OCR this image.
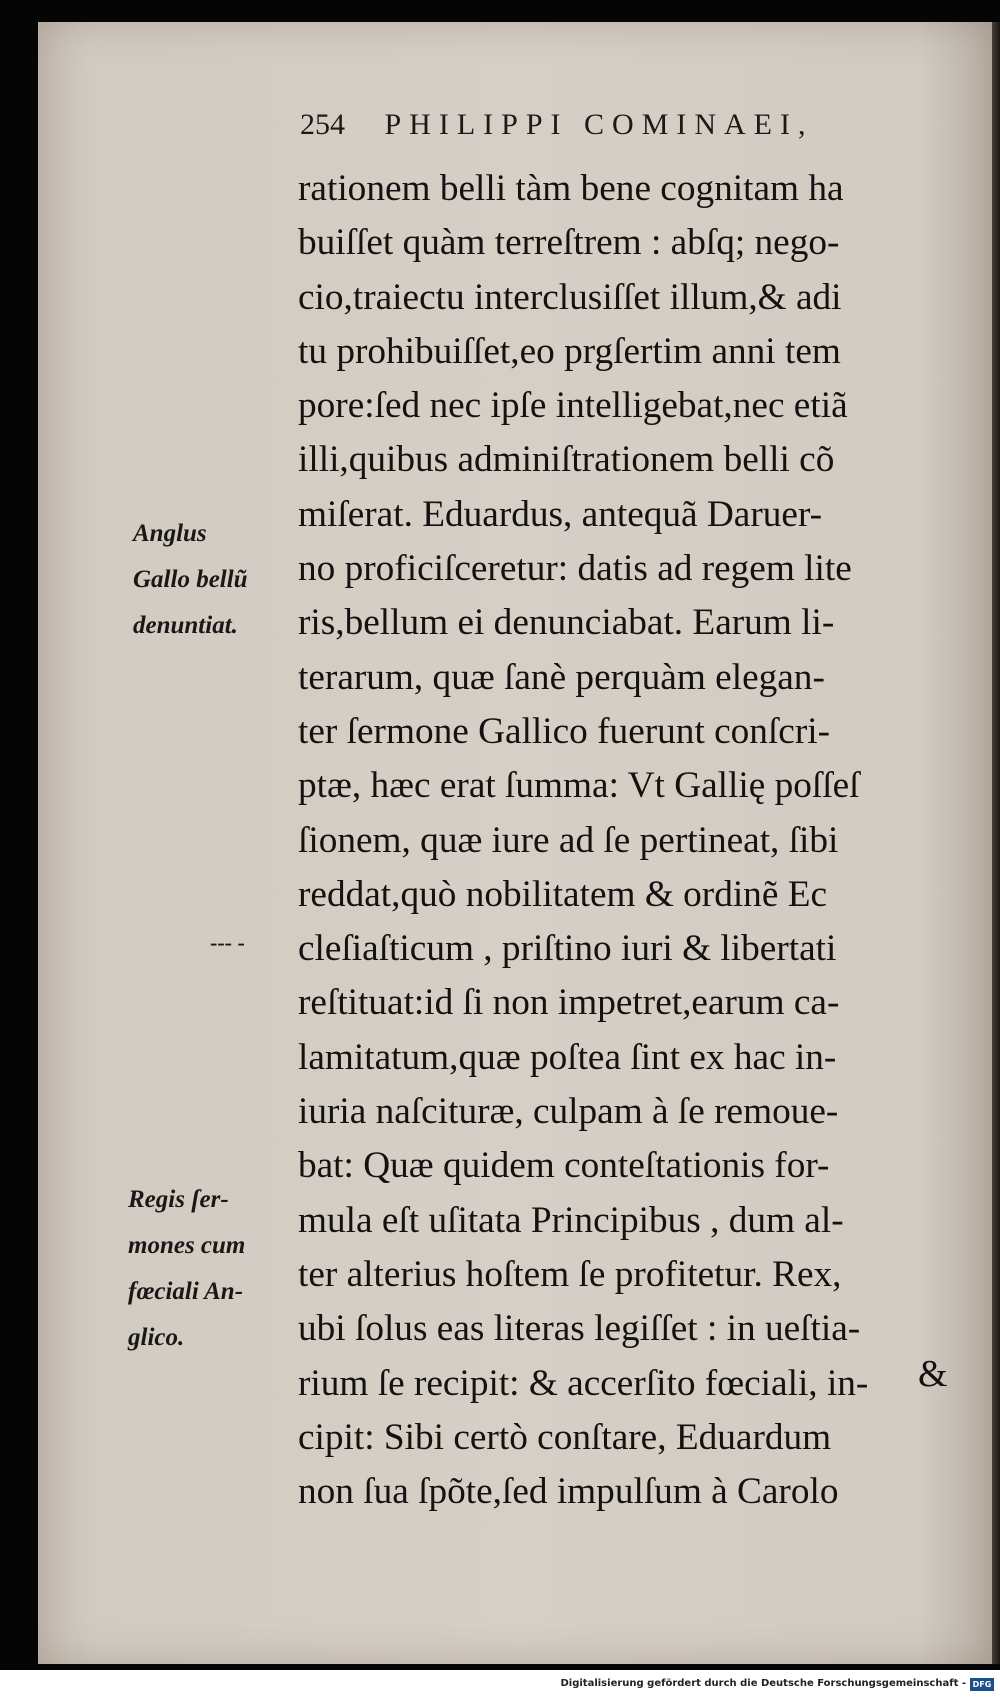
254 PHILIPPI COMINAEI,
rationem belli tàm bene cognitam ha
buiſſet quàm terreſtrem : abſq; nego-
cio,traiectu interclusiſſet illum,& adi
tu prohibuiſſet,eo prgſertim anni tem
pore:ſed nec ipſe intelligebat,nec etiã
illi,quibus adminiſtrationem belli cõ
miſerat. Eduardus, antequã Daruer-
no proficiſceretur: datis ad regem lite
ris,bellum ei denunciabat. Earum li-
terarum, quæ ſanè perquàm elegan-
ter ſermone Gallico fuerunt conſcri-
ptæ, hæc erat ſumma: Vt Gallię poſſeſ
ſionem, quæ iure ad ſe pertineat, ſibi
reddat,quò nobilitatem & ordinẽ Ec
cleſiaſticum , priſtino iuri & libertati
reſtituat:id ſi non impetret,earum ca-
lamitatum,quæ poſtea ſint ex hac in-
iuria naſcituræ, culpam à ſe remoue-
bat: Quæ quidem conteſtationis for-
mula eſt uſitata Principibus , dum al-
ter alterius hoſtem ſe profitetur. Rex,
ubi ſolus eas literas legiſſet : in ueſtia-
rium ſe recipit: & accerſito fœciali, in-
cipit: Sibi certò conſtare, Eduardum
non ſua ſpõte,ſed impulſum à Carolo
&
Anglus
Gallo bellũ
denuntiat.
Regis ſer-
mones cum
fœciali An-
glico.
--- -
Digitalisierung gefördert durch die Deutsche Forschungsgemeinschaft - DFG
